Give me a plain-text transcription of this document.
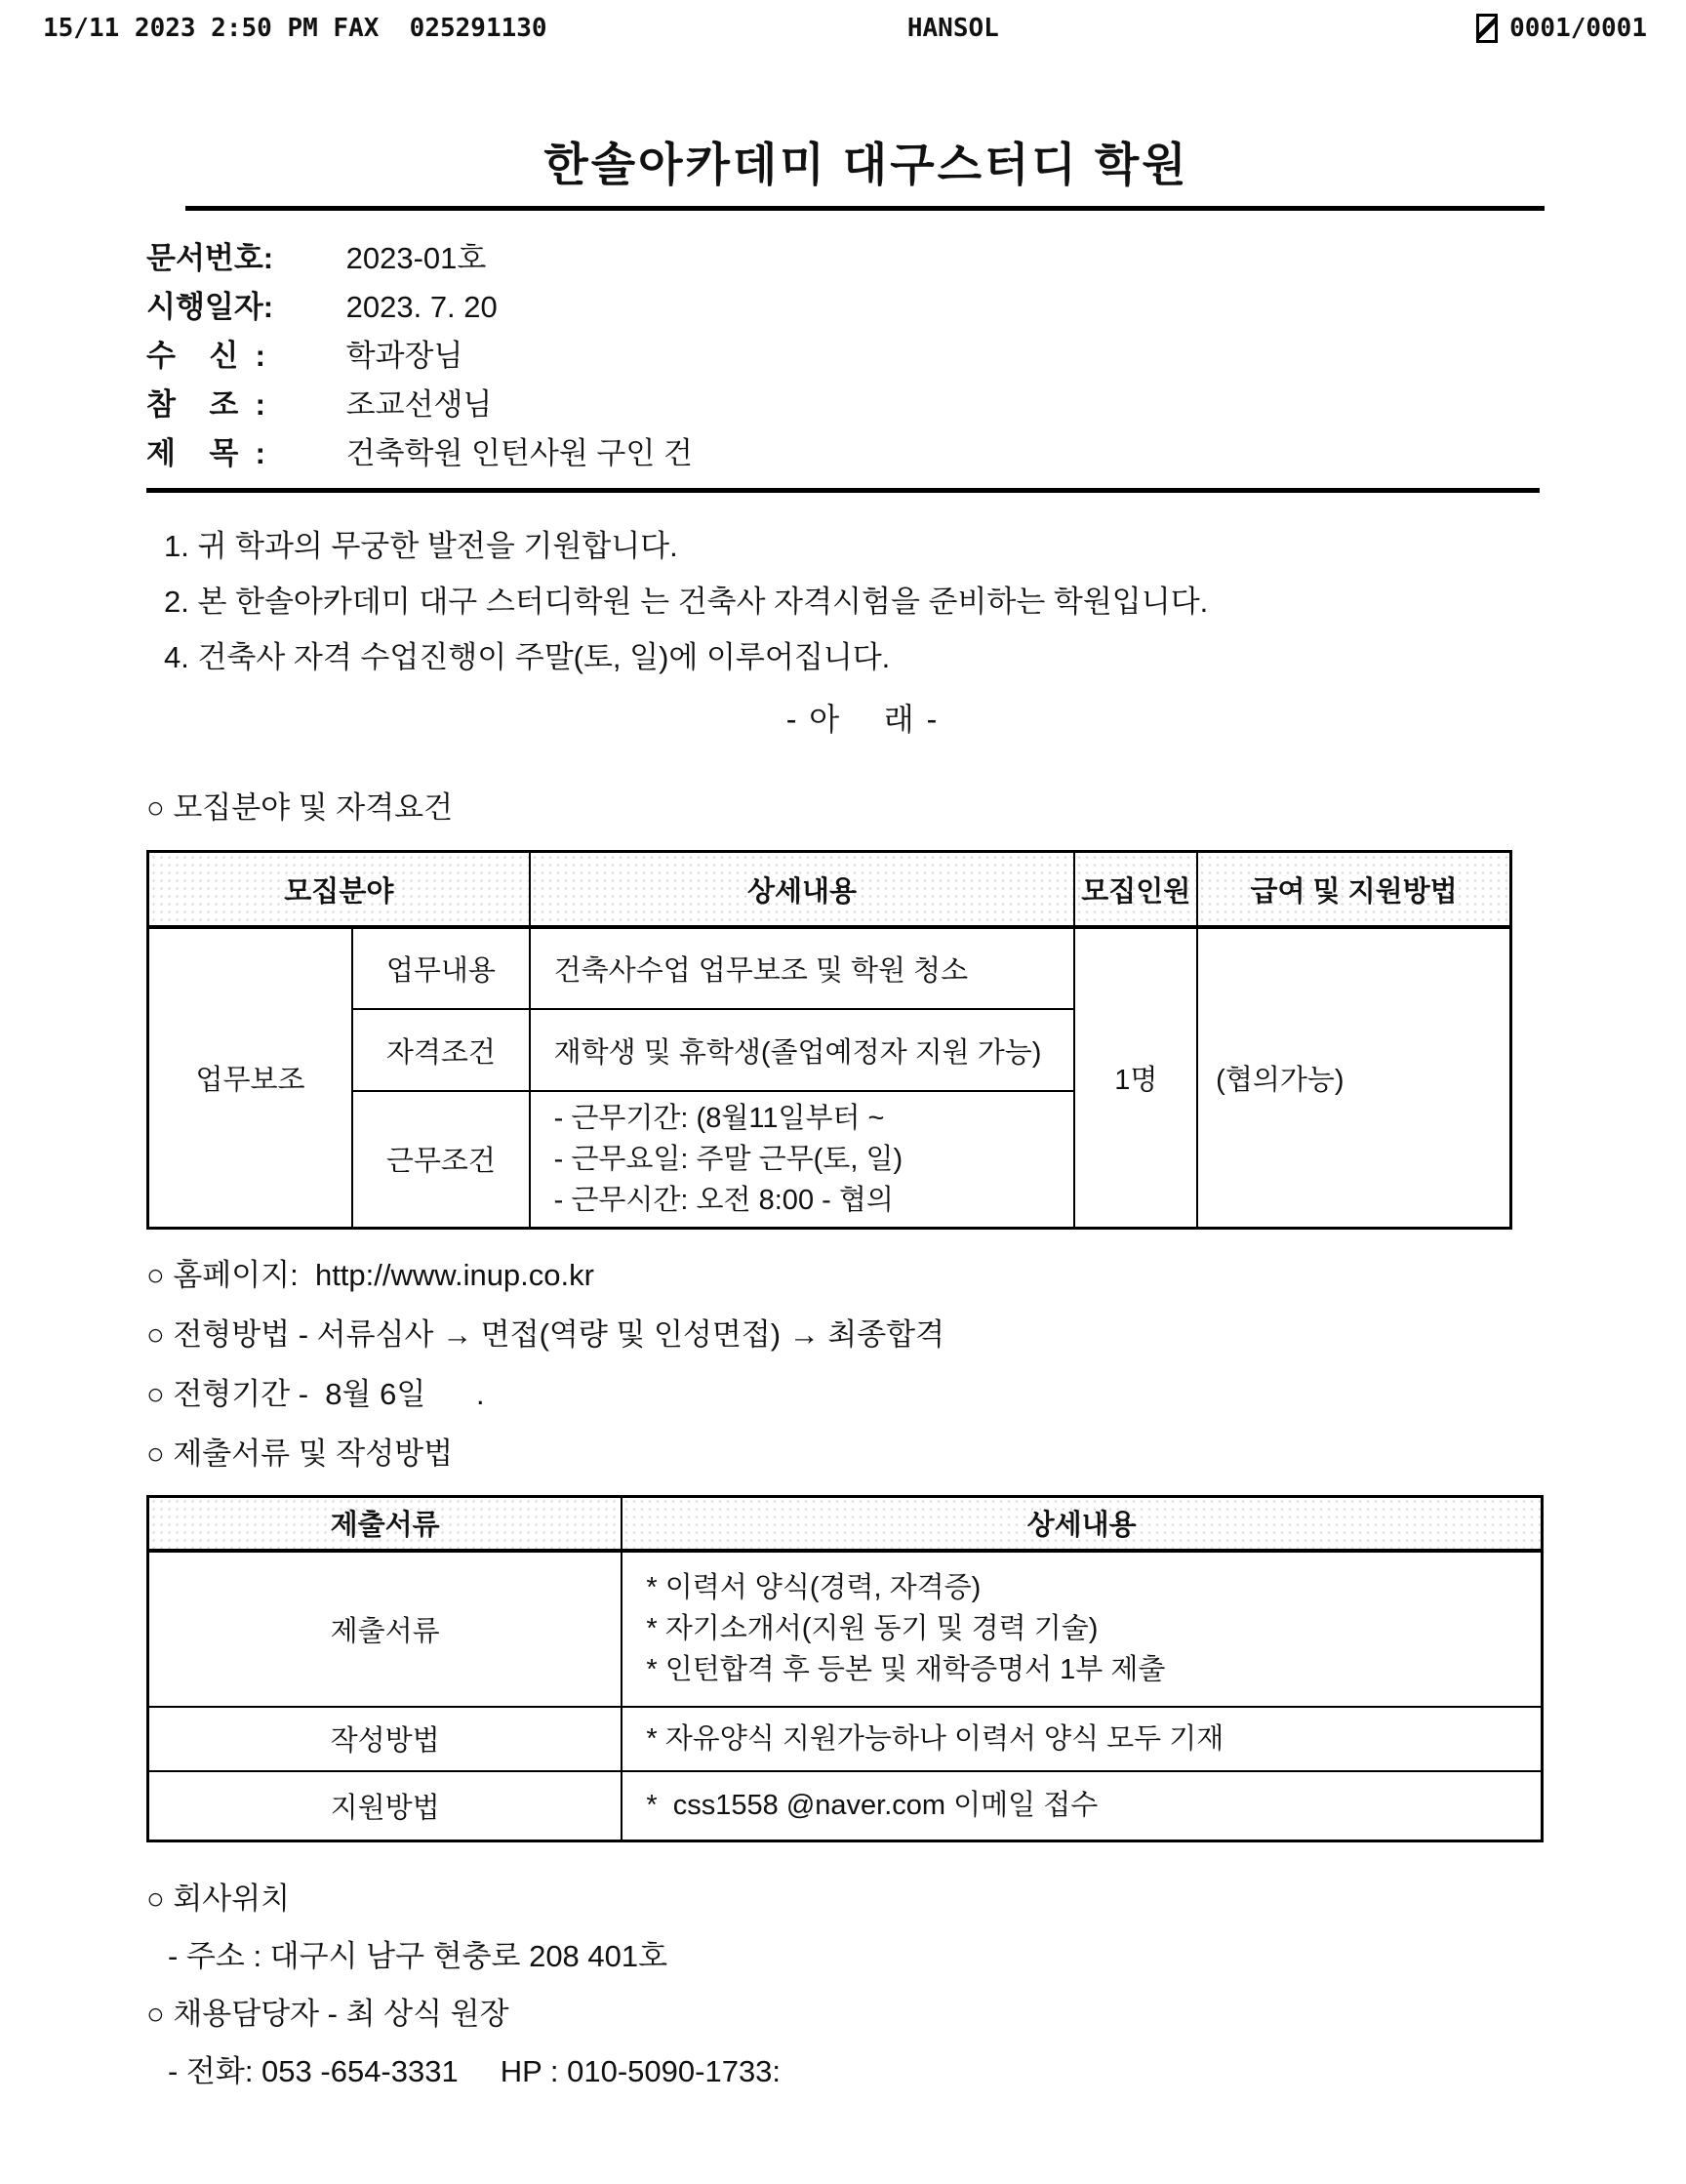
15/11 2023 2:50 PM FAX  025291130	HANSOL	0001/0001
한솔아카데미 대구스터디 학원
문서번호: 2023-01호
시행일자: 2023. 7. 20
수    신  :	학과장님
참    조  :	조교선생님
제    목  :	건축학원 인턴사원 구인 건

1. 귀 학과의 무궁한 발전을 기원합니다.

2. 본 한솔아카데미 대구 스터디학원 는 건축사 자격시험을 준비하는 학원입니다.

4. 건축사 자격 수업진행이 주말(토, 일)에 이루어집니다.

- 아    래 -
○ 모집분야 및 자격요건
모집분야		상세내용	모집인원	급여 및 지원방법
업무보조	업무내용	건축사수업 업무보조 및 학원 청소	1명	(협의가능)
	자격조건	재학생 및 휴학생(졸업예정자 지원 가능)		
	근무조건	- 근무기간: (8월11일부터 ~
- 근무요일: 주말 근무(토, 일)
- 근무시간: 오전 8:00 - 협의		
○ 홈페이지:  http://www.inup.co.kr
○ 전형방법 - 서류심사 → 면접(역량 및 인성면접) → 최종합격
○ 전형기간 -  8월 6일      .
○ 제출서류 및 작성방법
제출서류	상세내용
제출서류	* 이력서 양식(경력, 자격증)
* 자기소개서(지원 동기 및 경력 기술)
* 인턴합격 후 등본 및 재학증명서 1부 제출

작성방법	* 자유양식 지원가능하나 이력서 양식 모두 기재

지원방법	*  css1558 @naver.com 이메일 접수
○ 회사위치
- 주소 : 대구시 남구 현충로 208 401호
○ 채용담당자 - 최 상식 원장
- 전화: 053 -654-3331     HP : 010-5090-1733:
